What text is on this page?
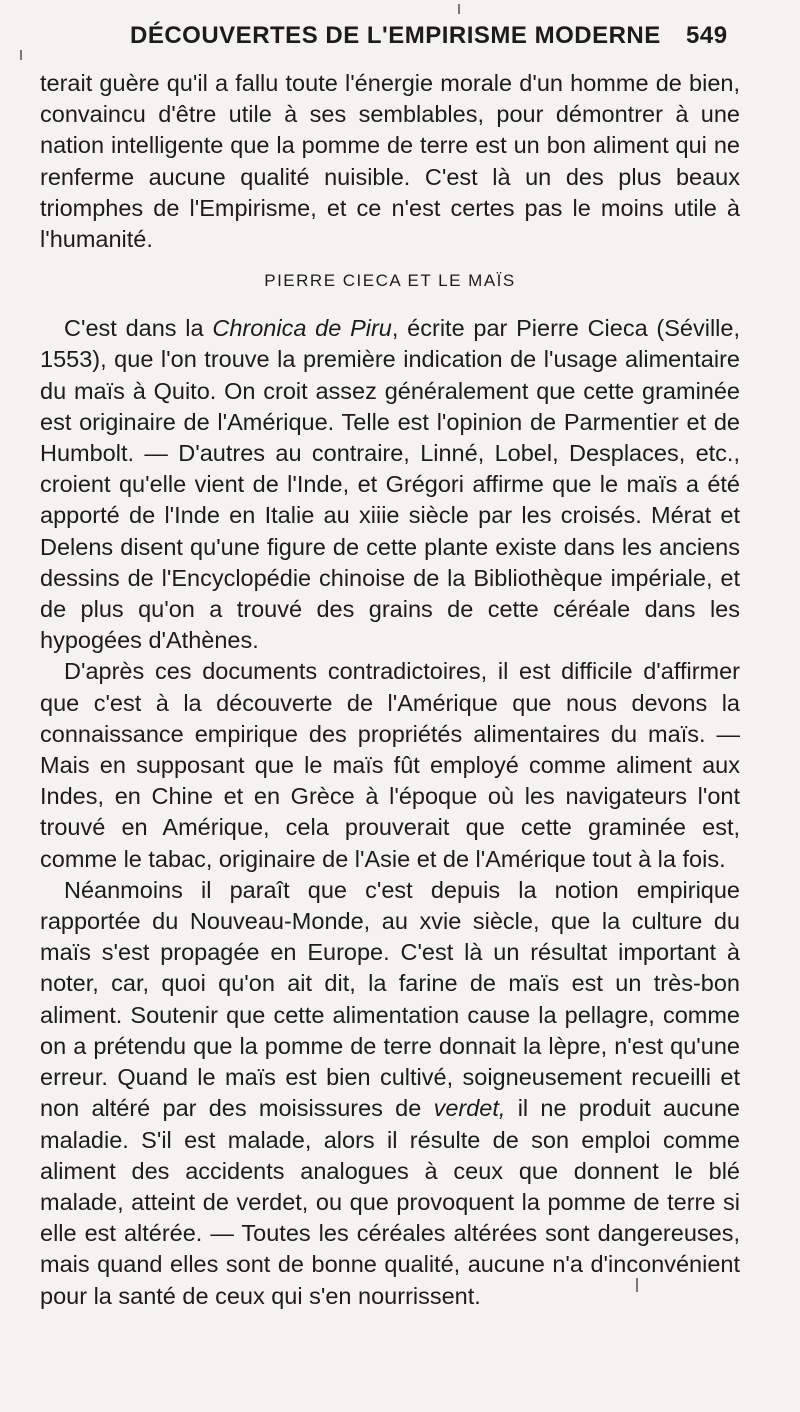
DÉCOUVERTES DE L'EMPIRISME MODERNE 549

terait guère qu'il a fallu toute l'énergie morale d'un homme de bien, convaincu d'être utile à ses semblables, pour démontrer à une nation intelligente que la pomme de terre est un bon aliment qui ne renferme aucune qualité nuisible. C'est là un des plus beaux triomphes de l'Empirisme, et ce n'est certes pas le moins utile à l'humanité.

PIERRE CIECA ET LE MAÏS

C'est dans la Chronica de Piru, écrite par Pierre Cieca (Séville, 1553), que l'on trouve la première indication de l'usage alimentaire du maïs à Quito. On croit assez généralement que cette graminée est originaire de l'Amérique. Telle est l'opinion de Parmentier et de Humbolt. — D'autres au contraire, Linné, Lobel, Desplaces, etc., croient qu'elle vient de l'Inde, et Grégori affirme que le maïs a été apporté de l'Inde en Italie au xiiie siècle par les croisés. Mérat et Delens disent qu'une figure de cette plante existe dans les anciens dessins de l'Encyclopédie chinoise de la Bibliothèque impériale, et de plus qu'on a trouvé des grains de cette céréale dans les hypogées d'Athènes.

D'après ces documents contradictoires, il est difficile d'affirmer que c'est à la découverte de l'Amérique que nous devons la connaissance empirique des propriétés alimentaires du maïs. — Mais en supposant que le maïs fût employé comme aliment aux Indes, en Chine et en Grèce à l'époque où les navigateurs l'ont trouvé en Amérique, cela prouverait que cette graminée est, comme le tabac, originaire de l'Asie et de l'Amérique tout à la fois.

Néanmoins il paraît que c'est depuis la notion empirique rapportée du Nouveau-Monde, au xvie siècle, que la culture du maïs s'est propagée en Europe. C'est là un résultat important à noter, car, quoi qu'on ait dit, la farine de maïs est un très-bon aliment. Soutenir que cette alimentation cause la pellagre, comme on a prétendu que la pomme de terre donnait la lèpre, n'est qu'une erreur. Quand le maïs est bien cultivé, soigneusement recueilli et non altéré par des moisissures de verdet, il ne produit aucune maladie. S'il est malade, alors il résulte de son emploi comme aliment des accidents analogues à ceux que donnent le blé malade, atteint de verdet, ou que provoquent la pomme de terre si elle est altérée. — Toutes les céréales altérées sont dangereuses, mais quand elles sont de bonne qualité, aucune n'a d'inconvénient pour la santé de ceux qui s'en nourrissent.
